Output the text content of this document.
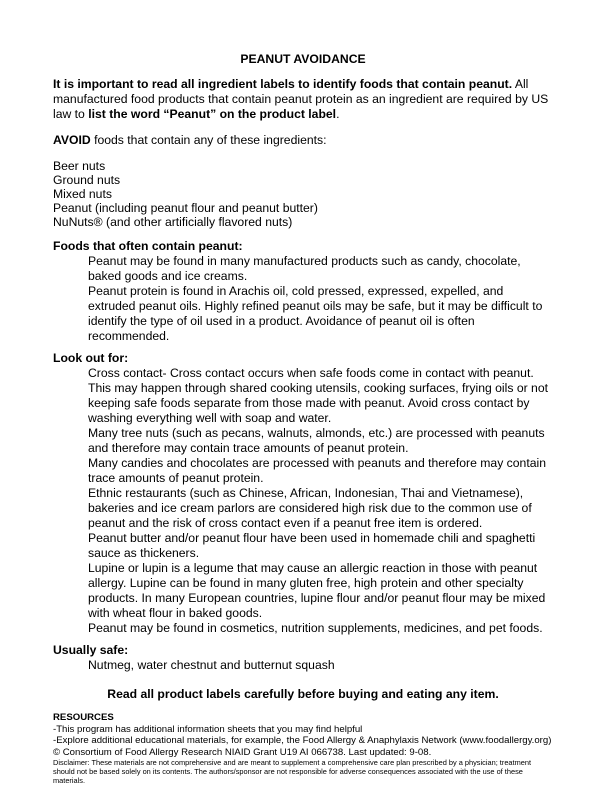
PEANUT AVOIDANCE

It is important to read all ingredient labels to identify foods that contain peanut. All manufactured food products that contain peanut protein as an ingredient are required by US law to list the word “Peanut” on the product label.

AVOID foods that contain any of these ingredients:

Beer nuts
Ground nuts
Mixed nuts
Peanut (including peanut flour and peanut butter)
NuNuts® (and other artificially flavored nuts)
Foods that often contain peanut:

Peanut may be found in many manufactured products such as candy, chocolate, baked goods and ice creams.

Peanut protein is found in Arachis oil, cold pressed, expressed, expelled, and extruded peanut oils. Highly refined peanut oils may be safe, but it may be difficult to identify the type of oil used in a product. Avoidance of peanut oil is often recommended.

Look out for:

Cross contact- Cross contact occurs when safe foods come in contact with peanut. This may happen through shared cooking utensils, cooking surfaces, frying oils or not keeping safe foods separate from those made with peanut. Avoid cross contact by washing everything well with soap and water.

Many tree nuts (such as pecans, walnuts, almonds, etc.) are processed with peanuts and therefore may contain trace amounts of peanut protein.

Many candies and chocolates are processed with peanuts and therefore may contain trace amounts of peanut protein.

Ethnic restaurants (such as Chinese, African, Indonesian, Thai and Vietnamese), bakeries and ice cream parlors are considered high risk due to the common use of peanut and the risk of cross contact even if a peanut free item is ordered.

Peanut butter and/or peanut flour have been used in homemade chili and spaghetti sauce as thickeners.

Lupine or lupin is a legume that may cause an allergic reaction in those with peanut allergy. Lupine can be found in many gluten free, high protein and other specialty products. In many European countries, lupine flour and/or peanut flour may be mixed with wheat flour in baked goods.

Peanut may be found in cosmetics, nutrition supplements, medicines, and pet foods.

Usually safe:

Nutmeg, water chestnut and butternut squash

Read all product labels carefully before buying and eating any item.
RESOURCES
-This program has additional information sheets that you may find helpful
-Explore additional educational materials, for example, the Food Allergy & Anaphylaxis Network (www.foodallergy.org)
© Consortium of Food Allergy Research NIAID Grant U19 AI 066738. Last updated: 9-08.
Disclaimer: These materials are not comprehensive and are meant to supplement a comprehensive care plan prescribed by a physician; treatment should not be based solely on its contents. The authors/sponsor are not responsible for adverse consequences associated with the use of these materials.
